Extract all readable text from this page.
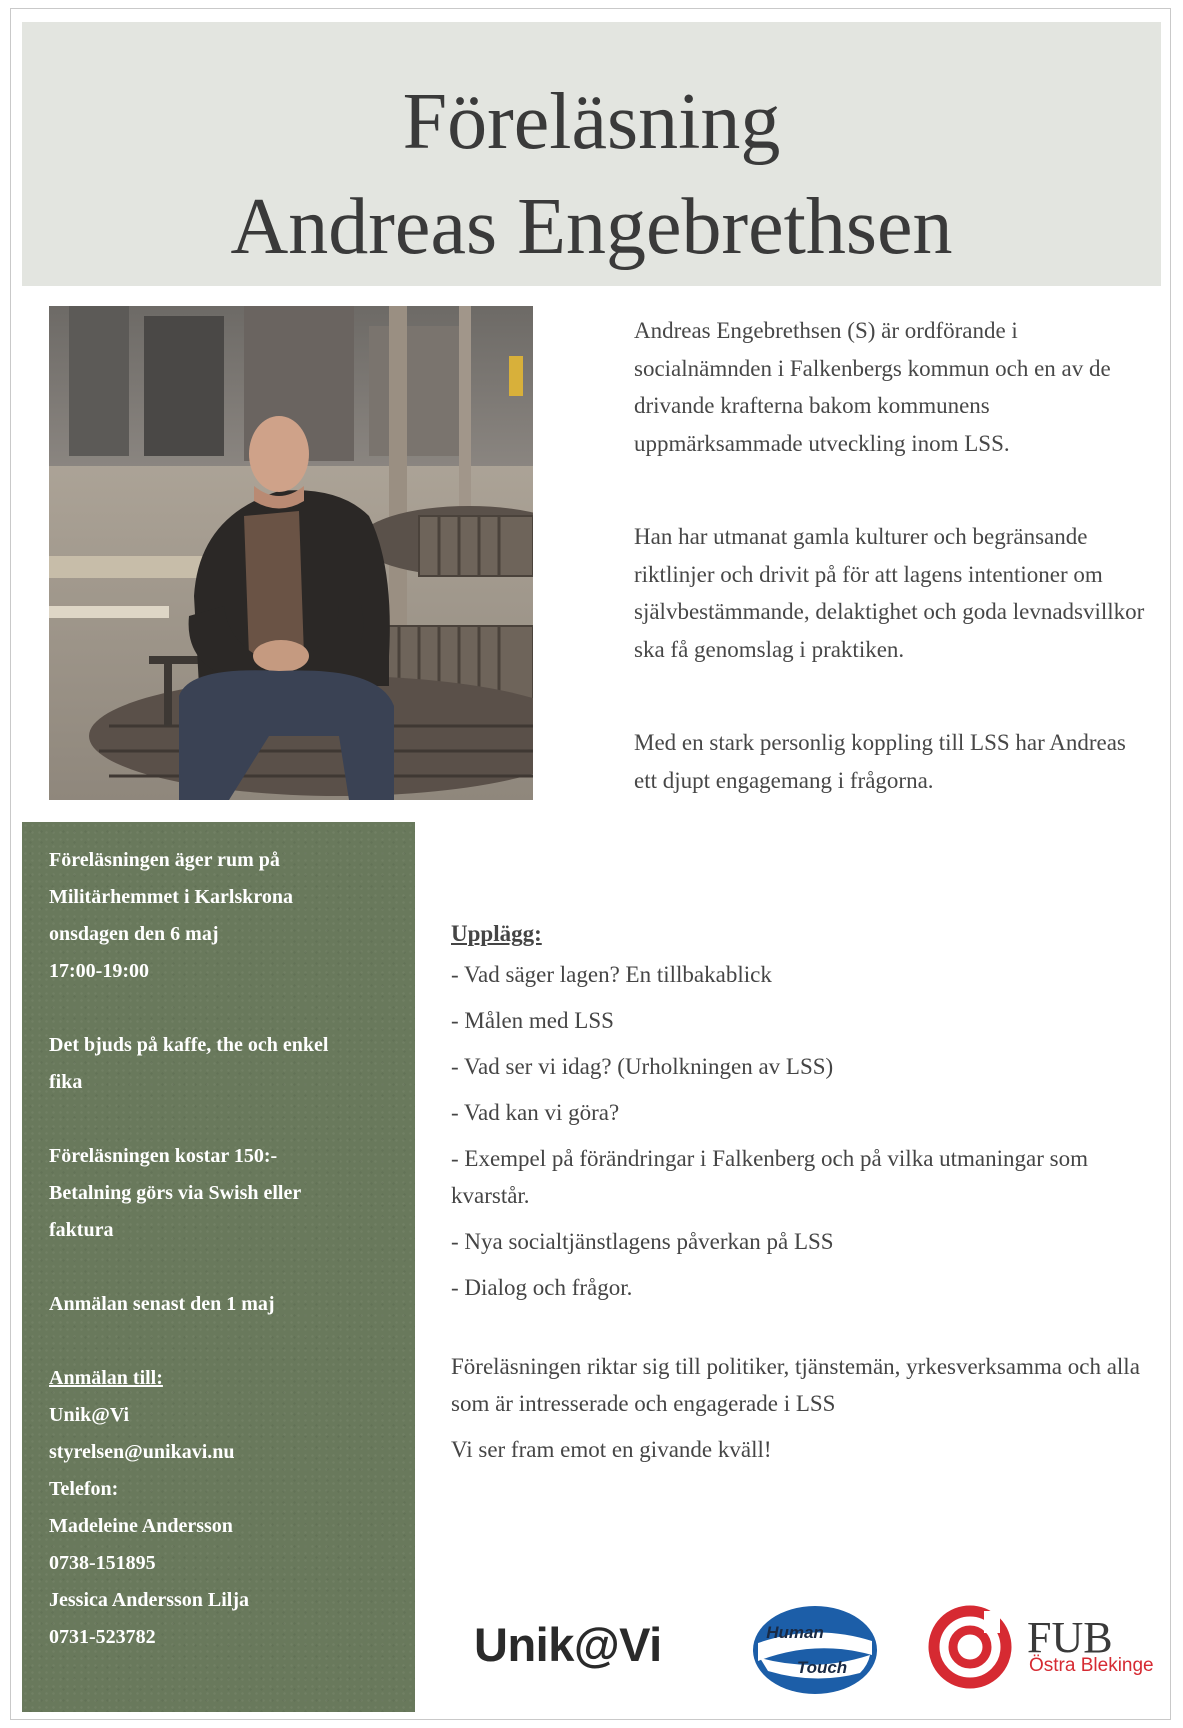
Föreläsning
Andreas Engebrethsen

Andreas Engebrethsen (S) är ordförande i socialnämnden i Falkenbergs kommun och en av de drivande krafterna bakom kommunens uppmärksammade utveckling inom LSS.

Han har utmanat gamla kulturer och begränsande riktlinjer och drivit på för att lagens intentioner om självbestämmande, delaktighet och goda levnadsvillkor ska få genomslag i praktiken.

Med en stark personlig koppling till LSS har Andreas ett djupt engagemang i frågorna.

Föreläsningen äger rum på
Militärhemmet i Karlskrona
onsdagen den 6 maj
17:00-19:00
Det bjuds på kaffe, the och enkel
fika
Föreläsningen kostar 150:-
Betalning görs via Swish eller
faktura
Anmälan senast den 1 maj
Anmälan till:
Unik@Vi
styrelsen@unikavi.nu
Telefon:
Madeleine Andersson
0738-151895
Jessica Andersson Lilja
0731-523782
Upplägg:
- Vad säger lagen? En tillbakablick
- Målen med LSS
- Vad ser vi idag? (Urholkningen av LSS)
- Vad kan vi göra?
- Exempel på förändringar i Falkenberg och på vilka utmaningar som kvarstår.
- Nya socialtjänstlagens påverkan på LSS
- Dialog och frågor.
Föreläsningen riktar sig till politiker, tjänstemän, yrkesverksamma och alla som är intresserade och engagerade i LSS
Vi ser fram emot en givande kväll!
Unik@Vi	Human
Touch
FUB
Östra Blekinge
